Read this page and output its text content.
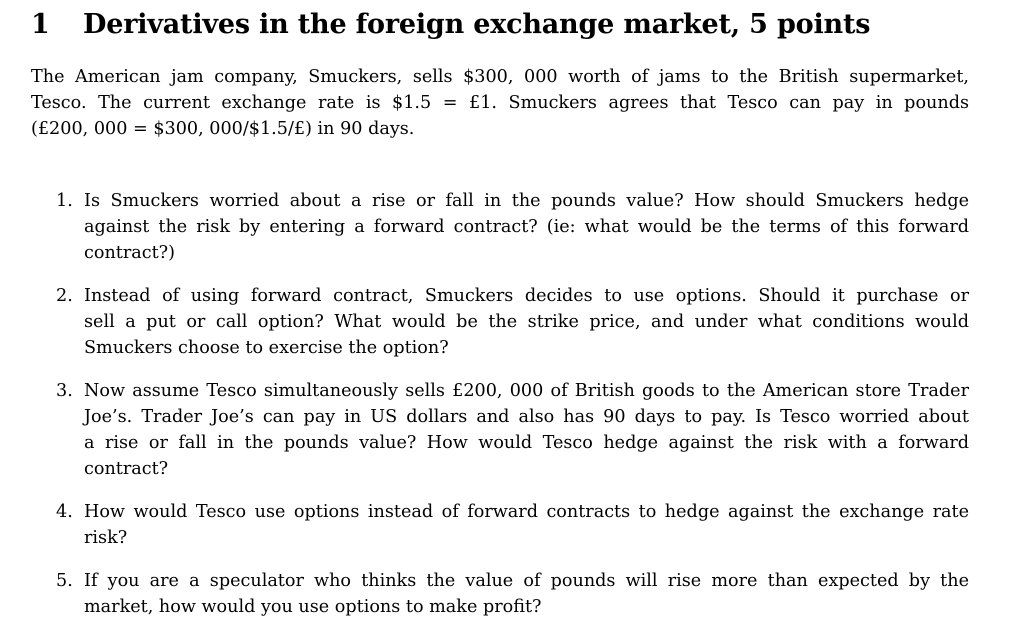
1	Derivatives in the foreign exchange market, 5 points

The American jam company, Smuckers, sells $300, 000 worth of jams to the British supermarket,
Tesco. The current exchange rate is $1.5 = £1. Smuckers agrees that Tesco can pay in pounds
(£200, 000 = $300, 000/$1.5/£) in 90 days.

1. Is Smuckers worried about a rise or fall in the pounds value? How should Smuckers hedge
against the risk by entering a forward contract? (ie: what would be the terms of this forward
contract?)
2. Instead of using forward contract, Smuckers decides to use options. Should it purchase or
sell a put or call option? What would be the strike price, and under what conditions would
Smuckers choose to exercise the option?
3. Now assume Tesco simultaneously sells £200, 000 of British goods to the American store Trader
Joe’s. Trader Joe’s can pay in US dollars and also has 90 days to pay. Is Tesco worried about
a rise or fall in the pounds value? How would Tesco hedge against the risk with a forward
contract?
4. How would Tesco use options instead of forward contracts to hedge against the exchange rate
risk?
5. If you are a speculator who thinks the value of pounds will rise more than expected by the
market, how would you use options to make profit?
